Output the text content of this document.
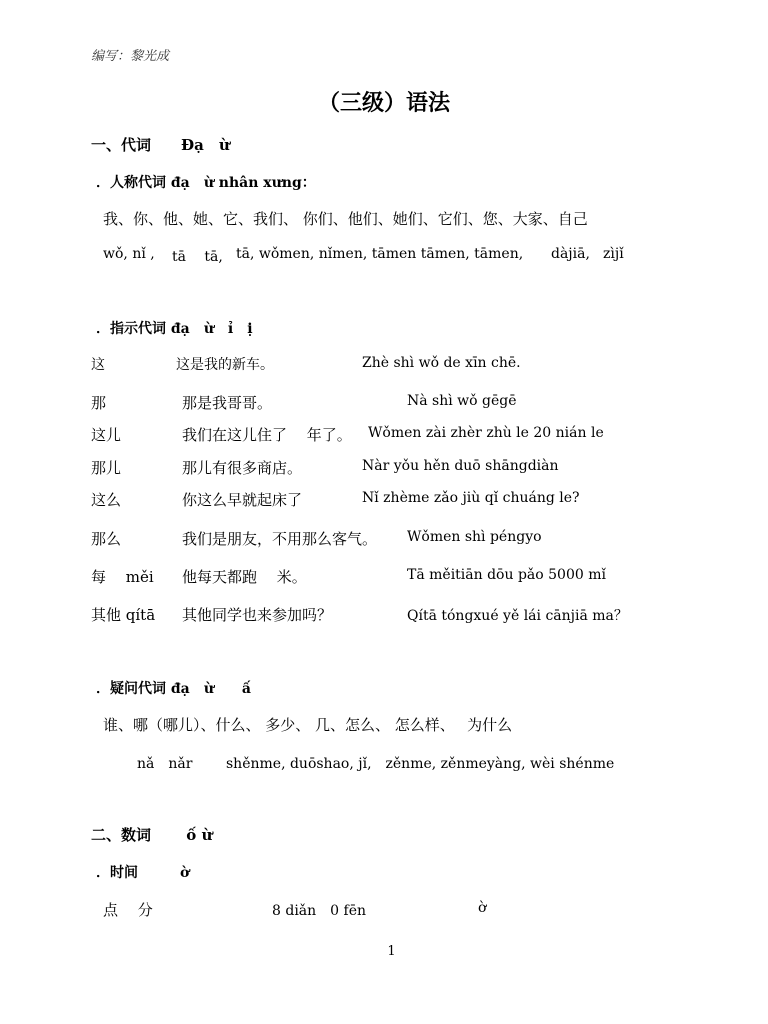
编写：黎光成
（三级）语法
一、代词　　Đạ　ừ
．人称代词 đạ　ừ nhân xưng：
我、你、他、她、它、我们、 你们、他们、她们、它们、您、大家、自己
wǒ, nǐ , tā　 tā, tā, wǒmen, nǐmen, tāmen tāmen, tāmen, dàjiā, zìjǐ
．指示代词 đạ　ừ　ỉ　ị
这	这是我的新车。	Zhè shì wǒ de xīn chē.
那	那是我哥哥。	Nà shì wǒ gēgē
这儿	我们在这儿住了　 年了。 Wǒmen zài zhèr zhù le 20 nián le
那儿	那儿有很多商店。	Nàr yǒu hěn duō shāngdiàn
这么	你这么早就起床了	Nǐ zhème zǎo jiù qǐ chuáng le?
那么	我们是朋友，不用那么客气。 Wǒmen shì péngyo
每　 měi 他每天都跑　 米。	Tā měitiān dōu pǎo 5000 mǐ
其他 qítā 其他同学也来参加吗？	Qítā tóngxué yě lái cānjiā ma？
．疑问代词 đạ　ừ　　ấ
谁、哪（哪儿）、什么、 多少、 几、怎么、 怎么样、　 为什么
nǎ　nǎr shěnme, duōshao, jǐ,　zěnme, zěnmeyàng, wèi shénme
二、数词　　 ố ừ
．时间　　　ờ
点　 分	8 diǎn　0 fēn	ờ
1
